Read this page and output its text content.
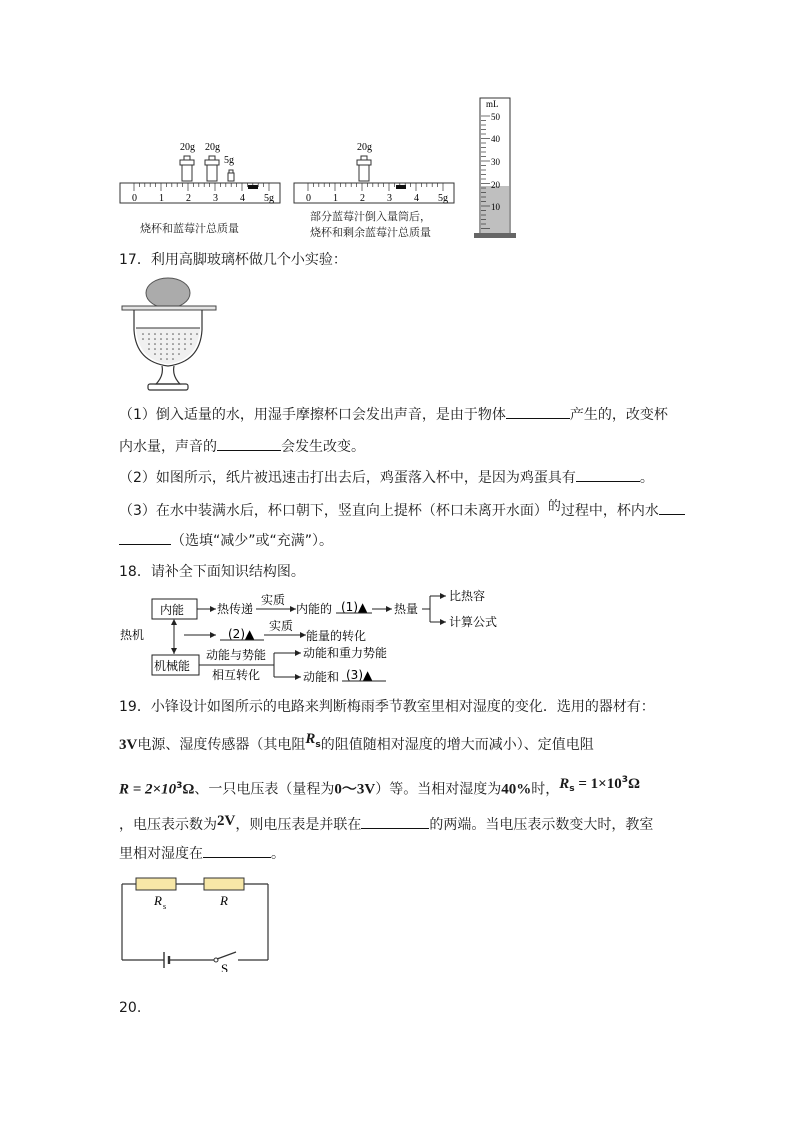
20g 20g
5g
0 1 2 3 4 5g
烧杯和蓝莓汁总质量
20g
0 1 2 3 4 5g
部分蓝莓汁倒入量筒后，
烧杯和剩余蓝莓汁总质量
mL
50
40
30
20
10
17．利用高脚玻璃杯做几个小实验：
（1）倒入适量的水，用湿手摩擦杯口会发出声音，是由于物体	产生的，改变杯
内水量，声音的	会发生改变。
（2）如图所示，纸片被迅速击打出去后，鸡蛋落入杯中，是因为鸡蛋具有	。
（3）在水中装满水后，杯口朝下，竖直向上提杯（杯口未离开水面）的过程中，杯内水
（选填“减少”或“充满”）。
18．请补全下面知识结构图。
内能	热传递
实质
内能的 (1)▲ 热量
比热容
计算公式
热机	(2)▲
实质
能量的转化
机械能
动能与势能
相互转化
动能和重力势能
动能和 (3)▲
19．小锋设计如图所示的电路来判断梅雨季节教室里相对湿度的变化．选用的器材有：
3V电源、湿度传感器（其电阻$R_s$的阻值随相对湿度的增大而减小）、定值电阻
$R = 2\times 10^3\Omega$、一只电压表（量程为0～3V）等。当相对湿度为40%时，$R_s = 1\times 10^3\Omega$
，电压表示数为2V，则电压表是并联在	的两端。当电压表示数变大时，教室
里相对湿度在	。
R s	R
S
20.
